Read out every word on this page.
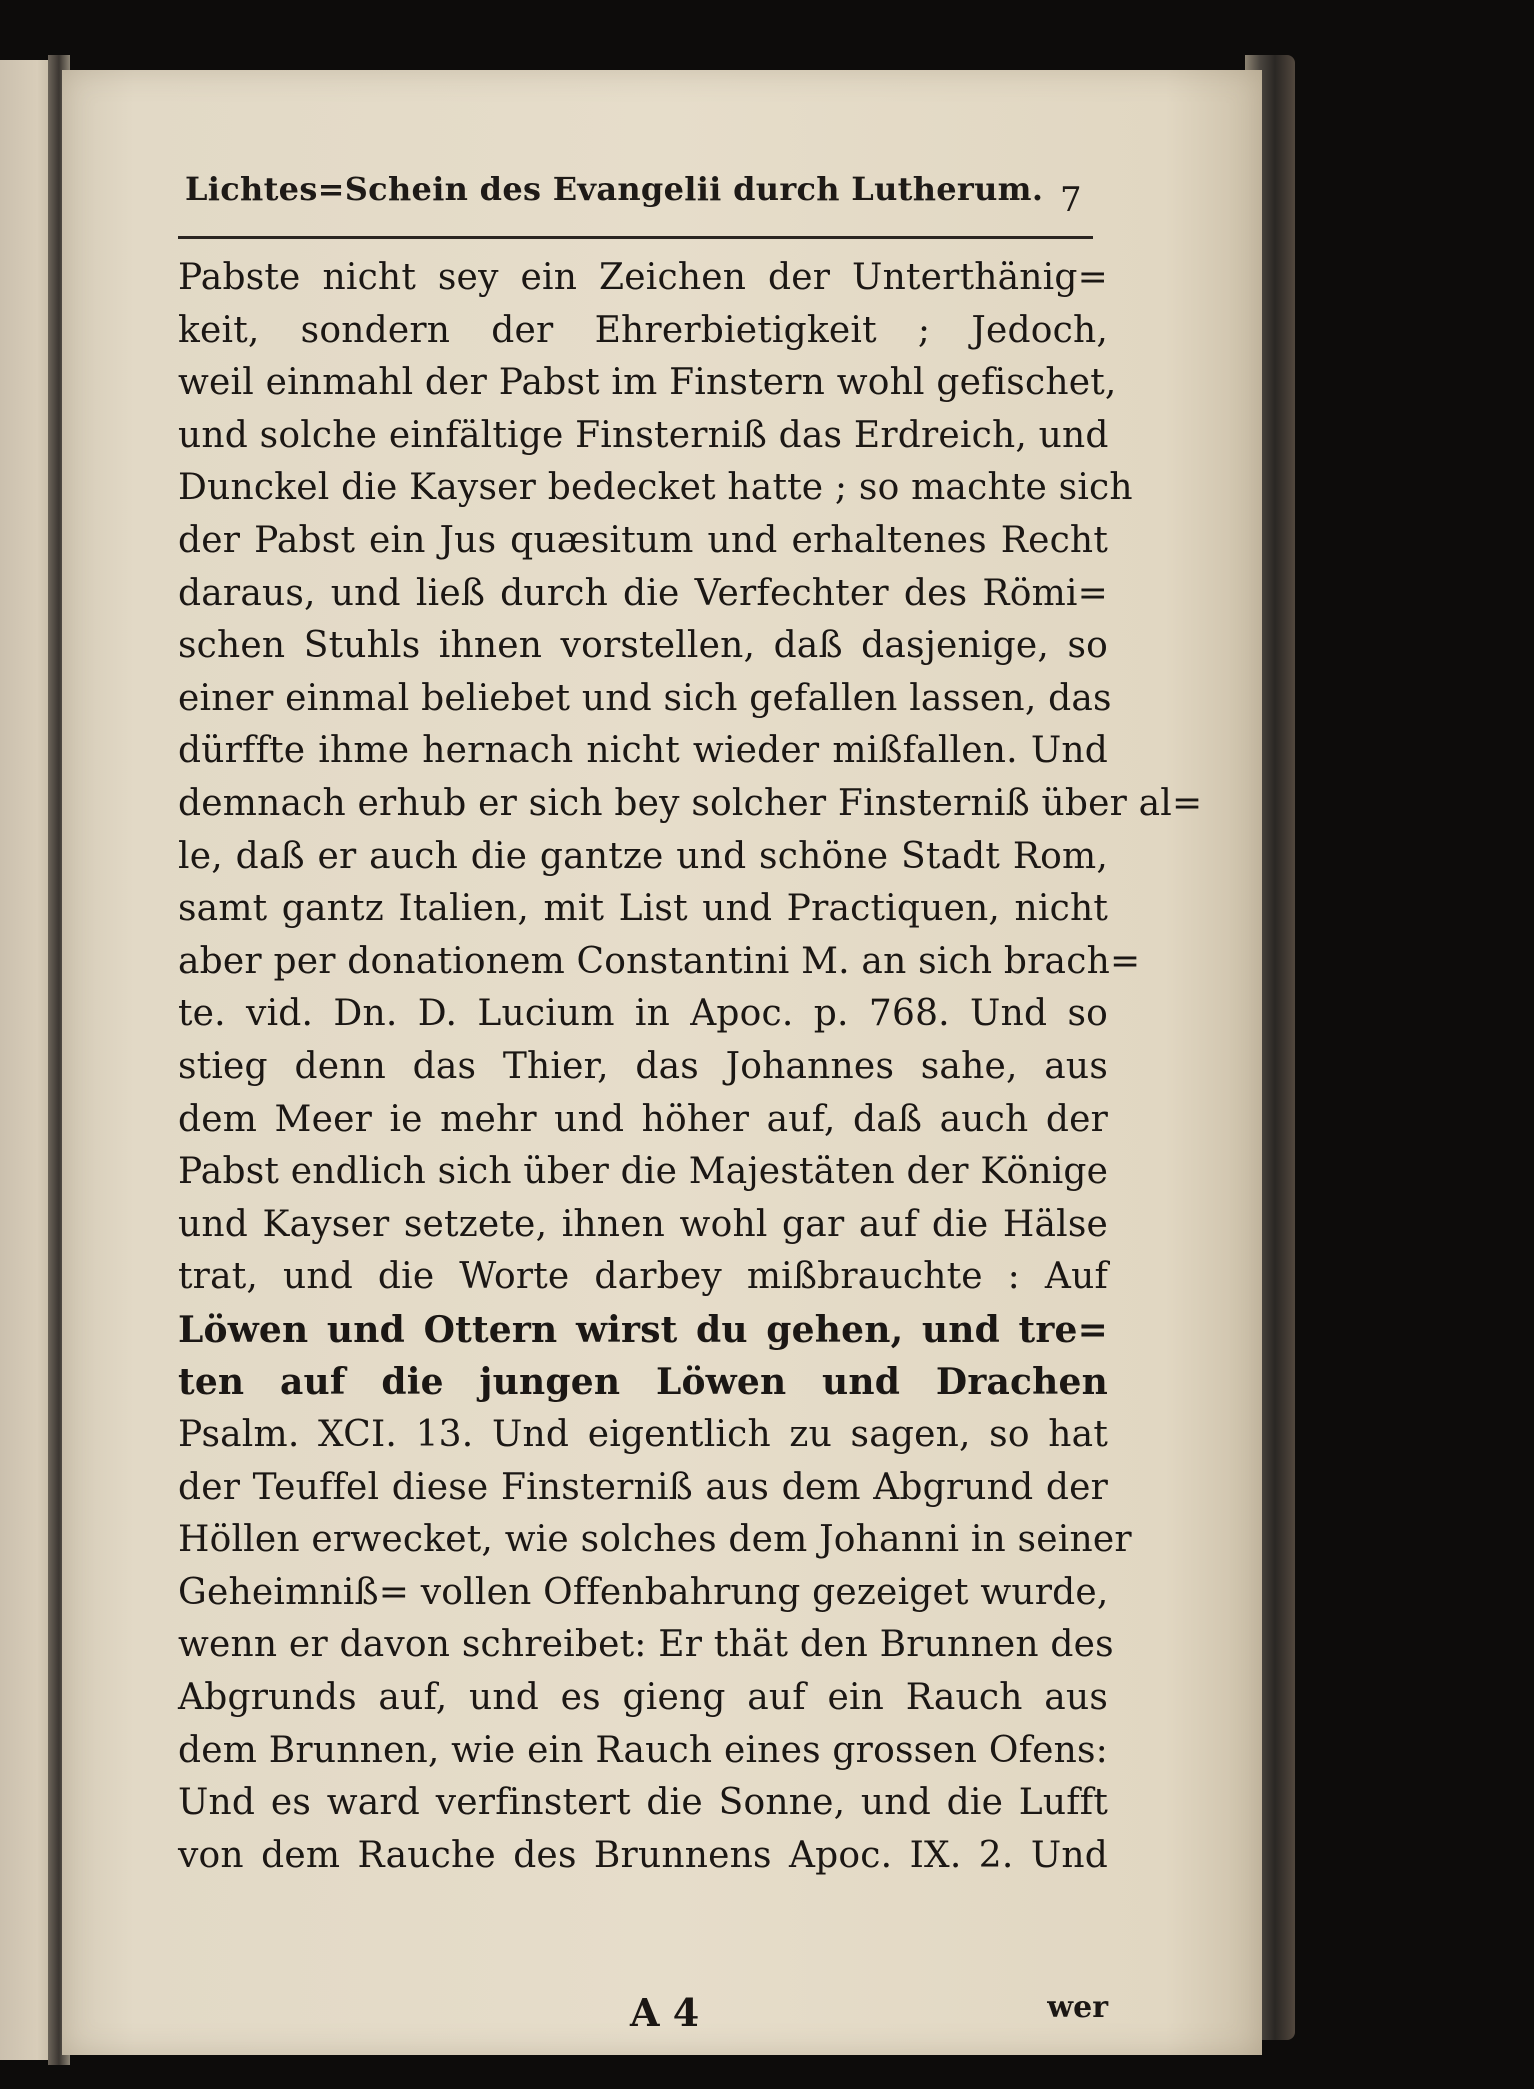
Lichtes=Schein des Evangelii durch Lutherum. 7
Pabste nicht sey ein Zeichen der Unterthänig=
keit, sondern der Ehrerbietigkeit ; Jedoch,
weil einmahl der Pabst im Finstern wohl gefischet,
und solche einfältige Finsterniß das Erdreich, und
Dunckel die Kayser bedecket hatte ; so machte sich
der Pabst ein Jus quæsitum und erhaltenes Recht
daraus, und ließ durch die Verfechter des Römi=
schen Stuhls ihnen vorstellen, daß dasjenige, so
einer einmal beliebet und sich gefallen lassen, das
dürffte ihme hernach nicht wieder mißfallen. Und
demnach erhub er sich bey solcher Finsterniß über al=
le, daß er auch die gantze und schöne Stadt Rom,
samt gantz Italien, mit List und Practiquen, nicht
aber per donationem Constantini M. an sich brach=
te. vid. Dn. D. Lucium in Apoc. p. 768. Und so
stieg denn das Thier, das Johannes sahe, aus
dem Meer ie mehr und höher auf, daß auch der
Pabst endlich sich über die Majestäten der Könige
und Kayser setzete, ihnen wohl gar auf die Hälse
trat, und die Worte darbey mißbrauchte : Auf
Löwen und Ottern wirst du gehen, und tre=
ten auf die jungen Löwen und Drachen
Psalm. XCI. 13. Und eigentlich zu sagen, so hat
der Teuffel diese Finsterniß aus dem Abgrund der
Höllen erwecket, wie solches dem Johanni in seiner
Geheimniß= vollen Offenbahrung gezeiget wurde,
wenn er davon schreibet: Er thät den Brunnen des
Abgrunds auf, und es gieng auf ein Rauch aus
dem Brunnen, wie ein Rauch eines grossen Ofens:
Und es ward verfinstert die Sonne, und die Lufft
von dem Rauche des Brunnens Apoc. IX. 2. Und
A 4	wer
